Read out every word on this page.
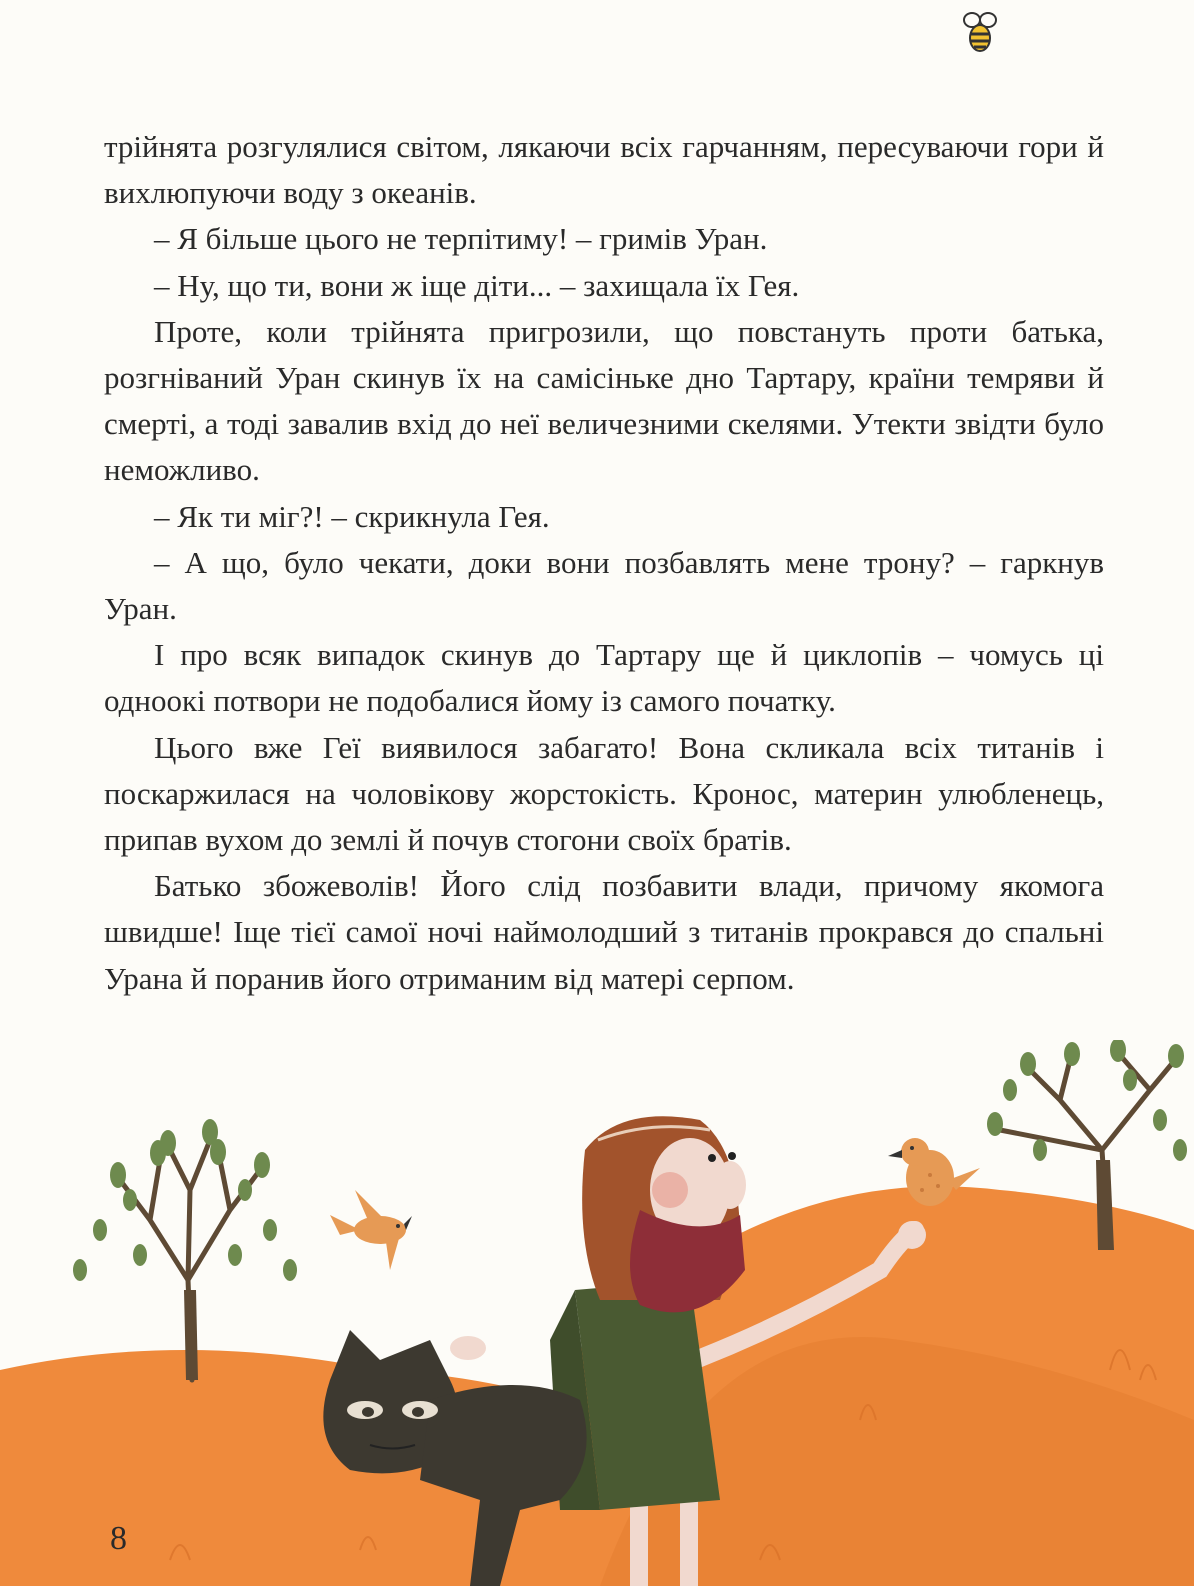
трійнята розгулялися світом, лякаючи всіх гарчанням, пересуваючи гори й вихлюпуючи воду з океанів.

– Я більше цього не терпітиму! – гримів Уран.

– Ну, що ти, вони ж іще діти... – захищала їх Гея.

Проте, коли трійнята пригрозили, що повстануть проти батька, розгніваний Уран скинув їх на самісіньке дно Тартару, країни темряви й смерті, а тоді завалив вхід до неї величезними скелями. Утекти звідти було неможливо.

– Як ти міг?! – скрикнула Гея.

– А що, було чекати, доки вони позбавлять мене трону? – гаркнув Уран.

І про всяк випадок скинув до Тартару ще й циклопів – чомусь ці одноокі потвори не подобалися йому із самого початку.

Цього вже Геї виявилося забагато! Вона скликала всіх титанів і поскаржилася на чоловікову жорстокість. Кронос, материн улюбленець, припав вухом до землі й почув стогони своїх братів.

Батько збожеволів! Його слід позбавити влади, причому якомога швидше! Іще тієї самої ночі наймолодший з титанів прокрався до спальні Урана й поранив його отриманим від матері серпом.

8
